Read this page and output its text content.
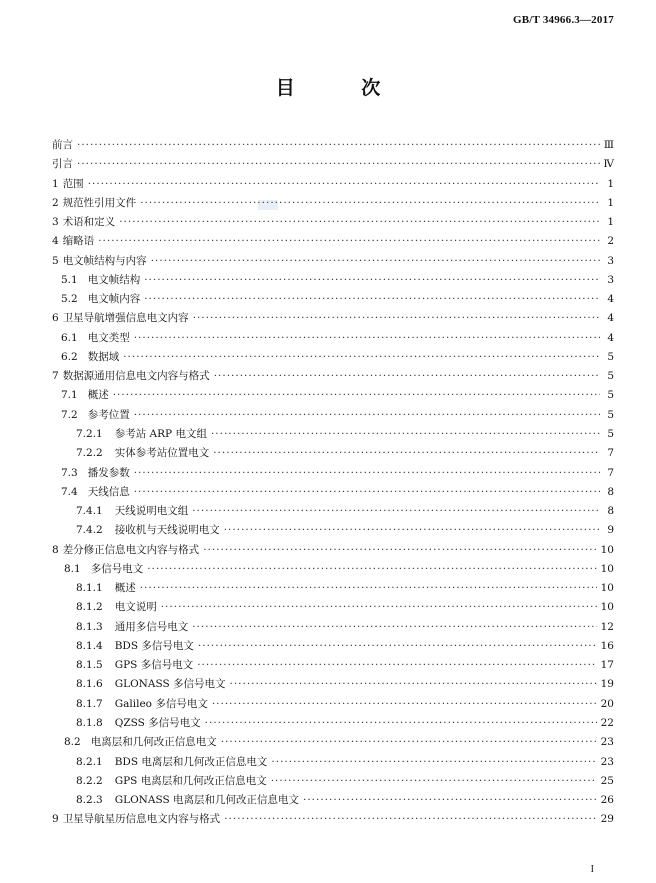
GB/T 34966.3—2017
目 次
前言 ·····	Ⅲ
引言 ·····	Ⅳ
1 范围 ·····	1
2 规范性引用文件 ·····	1
3 术语和定义 ·····	1
4 缩略语 ·····	2
5 电文帧结构与内容 ·····	3
5.1 电文帧结构 ·····	3
5.2 电文帧内容 ·····	4
6 卫星导航增强信息电文内容 ·····	4
6.1 电文类型 ·····	4
6.2 数据域 ·····	5
7 数据源通用信息电文内容与格式 ·····	5
7.1 概述 ·····	5
7.2 参考位置 ·····	5
7.2.1 参考站 ARP 电文组 ·····	5
7.2.2 实体参考站位置电文 ·····	7
7.3 播发参数 ·····	7
7.4 天线信息 ·····	8
7.4.1 天线说明电文组 ·····	8
7.4.2 接收机与天线说明电文 ·····	9
8 差分修正信息电文内容与格式 ·····	10
8.1 多信号电文 ·····	10
8.1.1 概述 ·····	10
8.1.2 电文说明 ·····	10
8.1.3 通用多信号电文 ·····	12
8.1.4 BDS 多信号电文 ·····	16
8.1.5 GPS 多信号电文 ·····	17
8.1.6 GLONASS 多信号电文 ·····	19
8.1.7 Galileo 多信号电文 ·····	20
8.1.8 QZSS 多信号电文 ·····	22
8.2 电离层和几何改正信息电文 ·····	23
8.2.1 BDS 电离层和几何改正信息电文 ·····	23
8.2.2 GPS 电离层和几何改正信息电文 ·····	25
8.2.3 GLONASS 电离层和几何改正信息电文 ·····	26
9 卫星导航星历信息电文内容与格式 ·····	29
I
